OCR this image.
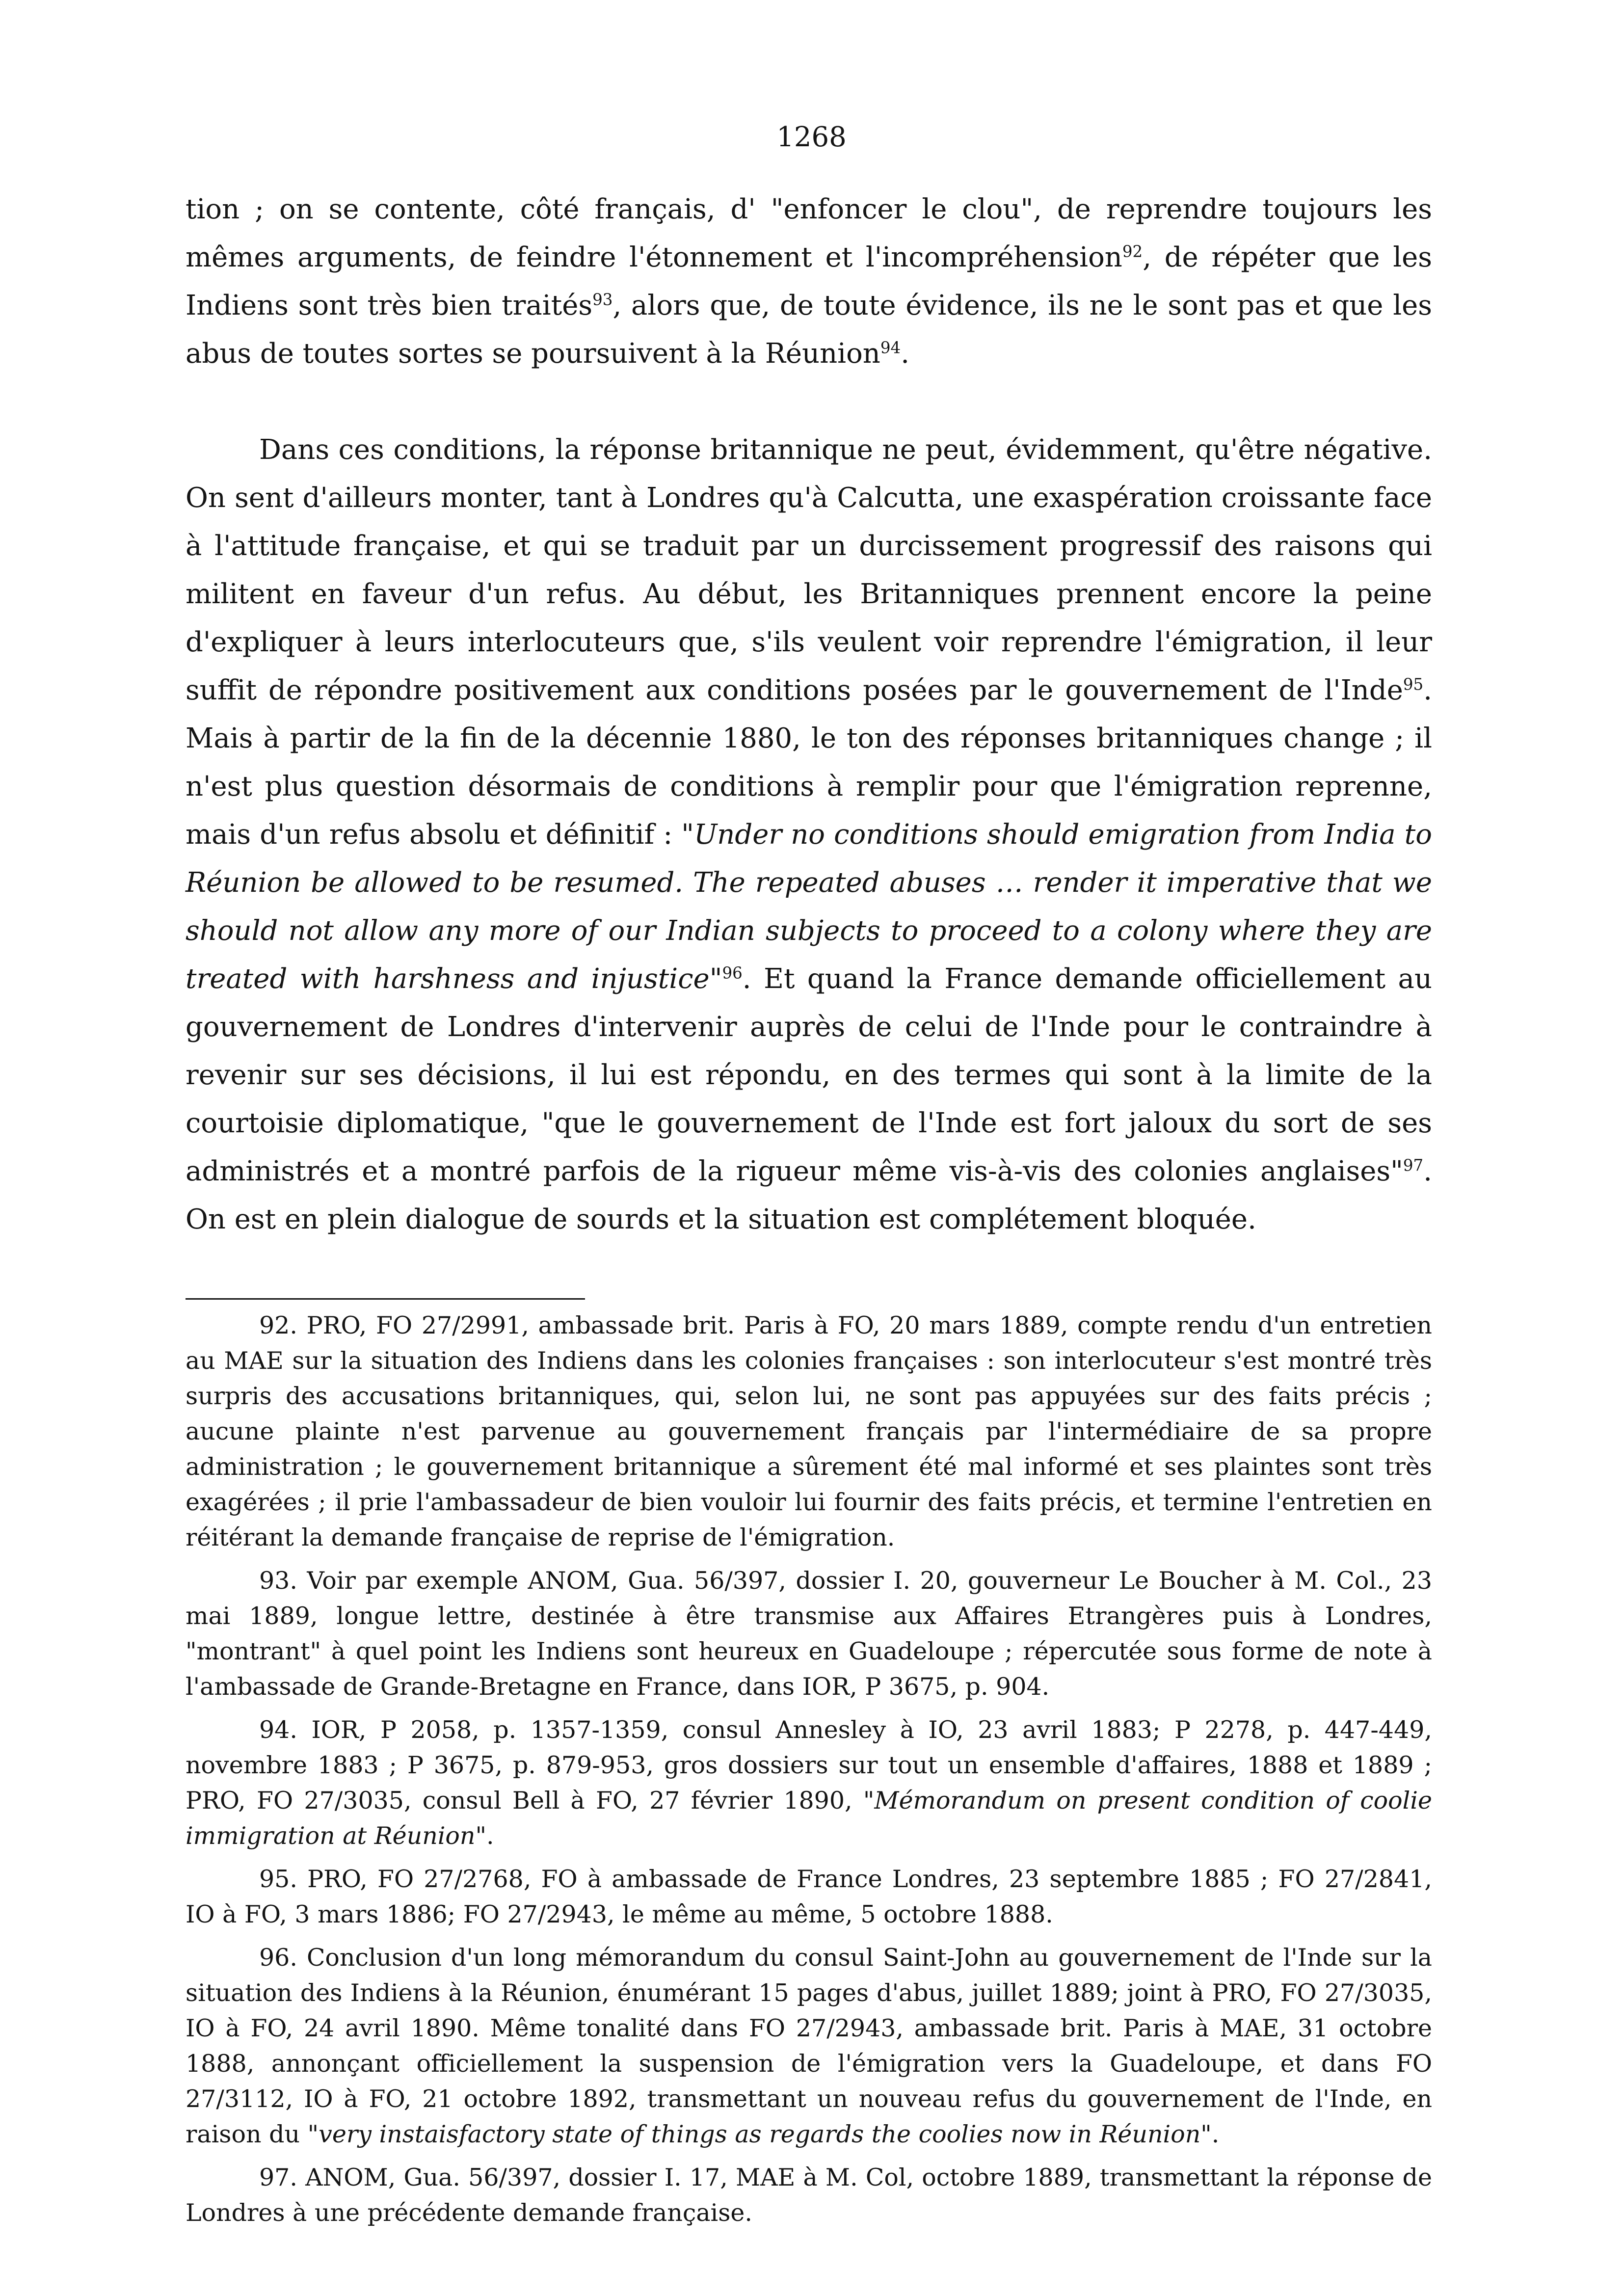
1268

tion ; on se contente, côté français, d' "enfoncer le clou", de reprendre toujours les mêmes arguments, de feindre l'étonnement et l'incompréhension$^{92}$, de répéter que les Indiens sont très bien traités$^{93}$, alors que, de toute évidence, ils ne le sont pas et que les abus de toutes sortes se poursuivent à la Réunion$^{94}$.

Dans ces conditions, la réponse britannique ne peut, évidemment, qu'être négative. On sent d'ailleurs monter, tant à Londres qu'à Calcutta, une exaspération croissante face à l'attitude française, et qui se traduit par un durcissement progressif des raisons qui militent en faveur d'un refus. Au début, les Britanniques prennent encore la peine d'expliquer à leurs interlocuteurs que, s'ils veulent voir reprendre l'émigration, il leur suffit de répondre positivement aux conditions posées par le gouvernement de l'Inde$^{95}$. Mais à partir de la fin de la décennie 1880, le ton des réponses britanniques change ; il n'est plus question désormais de conditions à remplir pour que l'émigration reprenne, mais d'un refus absolu et définitif : "Under no conditions should emigration from India to Réunion be allowed to be resumed. The repeated abuses … render it imperative that we should not allow any more of our Indian subjects to proceed to a colony where they are treated with harshness and injustice"$^{96}$. Et quand la France demande officiellement au gouvernement de Londres d'intervenir auprès de celui de l'Inde pour le contraindre à revenir sur ses décisions, il lui est répondu, en des termes qui sont à la limite de la courtoisie diplomatique, "que le gouvernement de l'Inde est fort jaloux du sort de ses administrés et a montré parfois de la rigueur même vis-à-vis des colonies anglaises"$^{97}$. On est en plein dialogue de sourds et la situation est complétement bloquée.

92. PRO, FO 27/2991, ambassade brit. Paris à FO, 20 mars 1889, compte rendu d'un entretien au MAE sur la situation des Indiens dans les colonies françaises : son interlocuteur s'est montré très surpris des accusations britanniques, qui, selon lui, ne sont pas appuyées sur des faits précis ; aucune plainte n'est parvenue au gouvernement français par l'intermédiaire de sa propre administration ; le gouvernement britannique a sûrement été mal informé et ses plaintes sont très exagérées ; il prie l'ambassadeur de bien vouloir lui fournir des faits précis, et termine l'entretien en réitérant la demande française de reprise de l'émigration.

93. Voir par exemple ANOM, Gua. 56/397, dossier I. 20, gouverneur Le Boucher à M. Col., 23 mai 1889, longue lettre, destinée à être transmise aux Affaires Etrangères puis à Londres, "montrant" à quel point les Indiens sont heureux en Guadeloupe ; répercutée sous forme de note à l'ambassade de Grande-Bretagne en France, dans IOR, P 3675, p. 904.

94. IOR, P 2058, p. 1357-1359, consul Annesley à IO, 23 avril 1883; P 2278, p. 447-449, novembre 1883 ; P 3675, p. 879-953, gros dossiers sur tout un ensemble d'affaires, 1888 et 1889 ; PRO, FO 27/3035, consul Bell à FO, 27 février 1890, "Mémorandum on present condition of coolie immigration at Réunion".

95. PRO, FO 27/2768, FO à ambassade de France Londres, 23 septembre 1885 ; FO 27/2841, IO à FO, 3 mars 1886; FO 27/2943, le même au même, 5 octobre 1888.

96. Conclusion d'un long mémorandum du consul Saint-John au gouvernement de l'Inde sur la situation des Indiens à la Réunion, énumérant 15 pages d'abus, juillet 1889; joint à PRO, FO 27/3035, IO à FO, 24 avril 1890. Même tonalité dans FO 27/2943, ambassade brit. Paris à MAE, 31 octobre 1888, annonçant officiellement la suspension de l'émigration vers la Guadeloupe, et dans FO 27/3112, IO à FO, 21 octobre 1892, transmettant un nouveau refus du gouvernement de l'Inde, en raison du "very instaisfactory state of things as regards the coolies now in Réunion".

97. ANOM, Gua. 56/397, dossier I. 17, MAE à M. Col, octobre 1889, transmettant la réponse de Londres à une précédente demande française.
